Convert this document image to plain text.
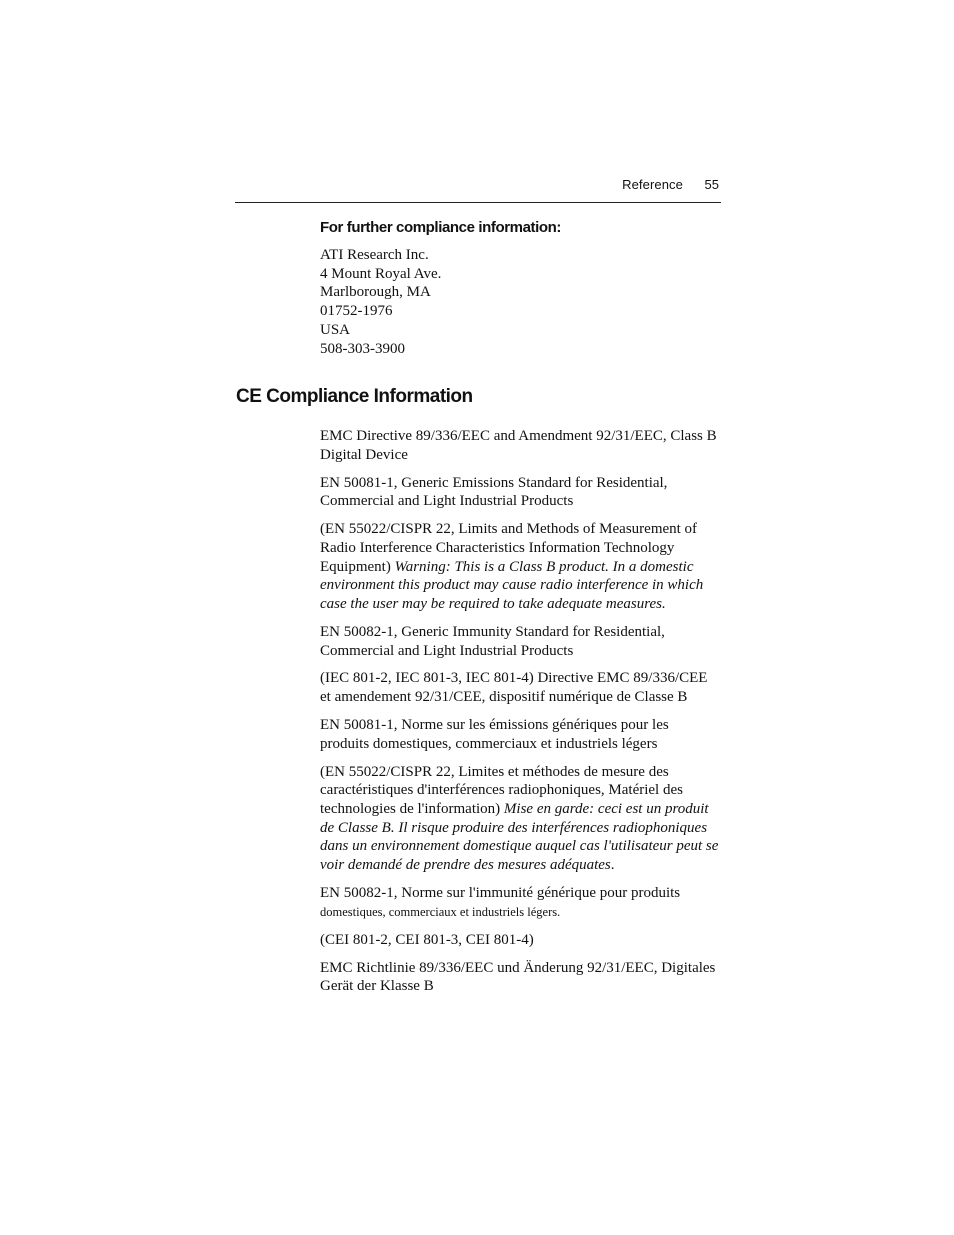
Reference 55
For further compliance information:
ATI Research Inc.
4 Mount Royal Ave.
Marlborough, MA
01752-1976
USA
508-303-3900
CE Compliance Information

EMC Directive 89/336/EEC and Amendment 92/31/EEC, Class B Digital Device

EN 50081-1, Generic Emissions Standard for Residential, Commercial and Light Industrial Products

(EN 55022/CISPR 22, Limits and Methods of Measurement of Radio Interference Characteristics Information Technology Equipment) Warning: This is a Class B product. In a domestic environment this product may cause radio interference in which case the user may be required to take adequate measures.

EN 50082-1, Generic Immunity Standard for Residential, Commercial and Light Industrial Products

(IEC 801-2, IEC 801-3, IEC 801-4) Directive EMC 89/336/CEE et amendement 92/31/CEE, dispositif numérique de Classe B

EN 50081-1, Norme sur les émissions génériques pour les produits domestiques, commerciaux et industriels légers

(EN 55022/CISPR 22, Limites et méthodes de mesure des caractéristiques d'interférences radiophoniques, Matériel des technologies de l'information) Mise en garde: ceci est un produit de Classe B. Il risque produire des interférences radiophoniques dans un environnement domestique auquel cas l'utilisateur peut se voir demandé de prendre des mesures adéquates.

EN 50082-1, Norme sur l'immunité générique pour produits
domestiques, commerciaux et industriels légers.

(CEI 801-2, CEI 801-3, CEI 801-4)

EMC Richtlinie 89/336/EEC und Änderung 92/31/EEC, Digitales Gerät der Klasse B
